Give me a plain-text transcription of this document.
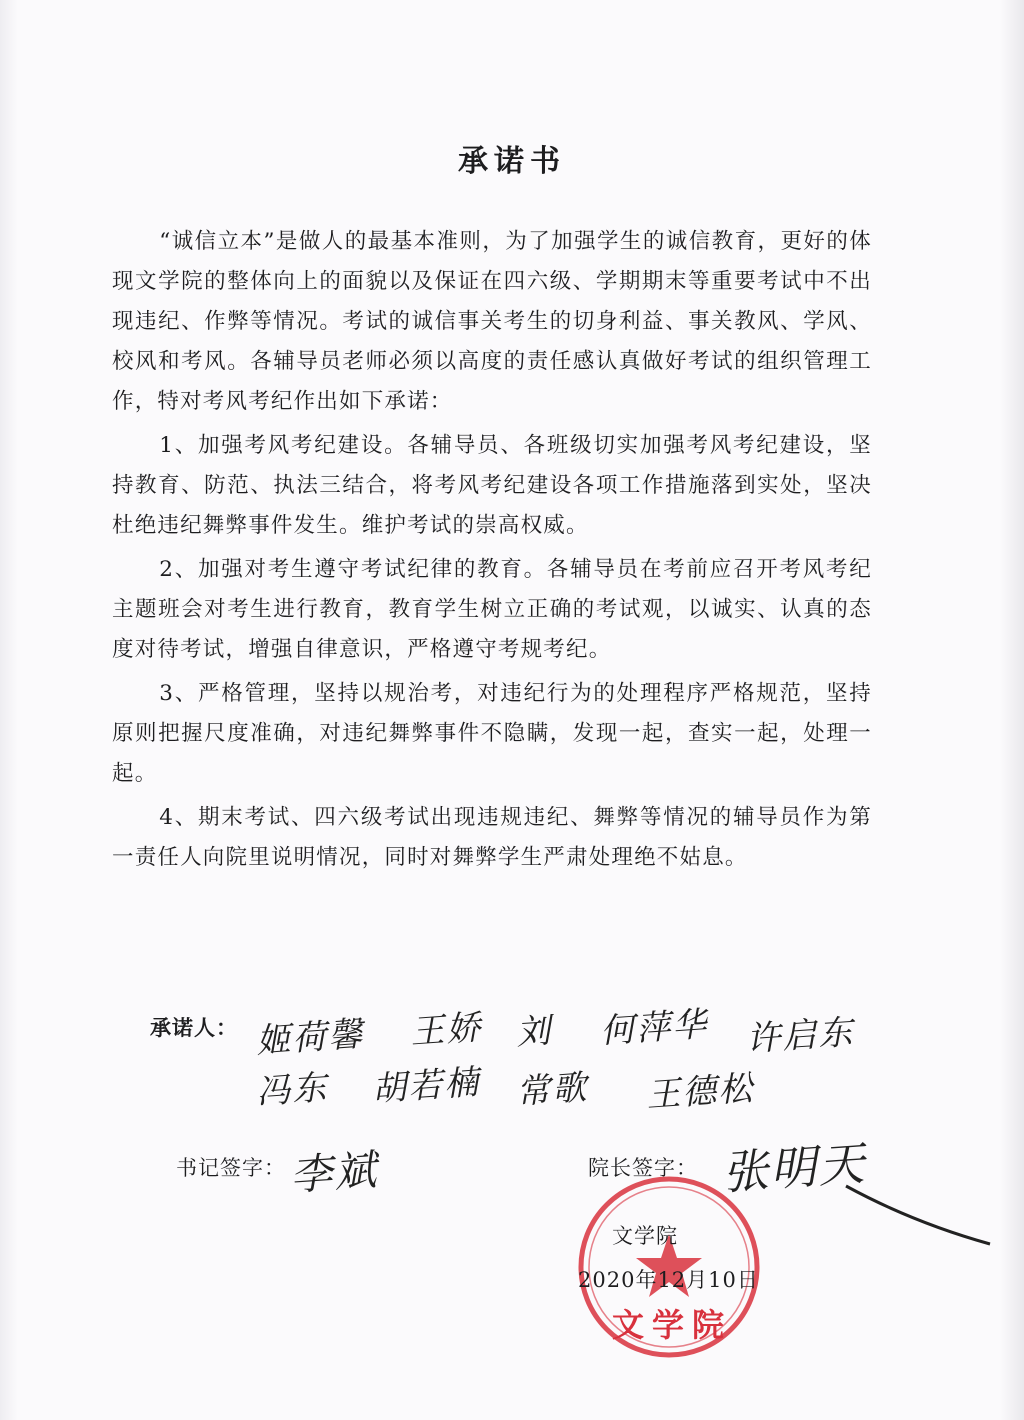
承诺书

“诚信立本”是做人的最基本准则，为了加强学生的诚信教育，更好的体现文学院的整体向上的面貌以及保证在四六级、学期期末等重要考试中不出现违纪、作弊等情况。考试的诚信事关考生的切身利益、事关教风、学风、校风和考风。各辅导员老师必须以高度的责任感认真做好考试的组织管理工作，特对考风考纪作出如下承诺：

1、加强考风考纪建设。各辅导员、各班级切实加强考风考纪建设，坚持教育、防范、执法三结合，将考风考纪建设各项工作措施落到实处，坚决杜绝违纪舞弊事件发生。维护考试的崇高权威。

2、加强对考生遵守考试纪律的教育。各辅导员在考前应召开考风考纪主题班会对考生进行教育，教育学生树立正确的考试观，以诚实、认真的态度对待考试，增强自律意识，严格遵守考规考纪。

3、严格管理，坚持以规治考，对违纪行为的处理程序严格规范，坚持原则把握尺度准确，对违纪舞弊事件不隐瞒，发现一起，查实一起，处理一起。

4、期末考试、四六级考试出现违规违纪、舞弊等情况的辅导员作为第一责任人向院里说明情况，同时对舞弊学生严肃处理绝不姑息。

承诺人： 姬荷馨 王娇 刘 何萍华 许启东
冯东 胡若楠 常歌 王德松
书记签字： 李斌	院长签字： 张明天
文学院
文学院
2020年12月10日
